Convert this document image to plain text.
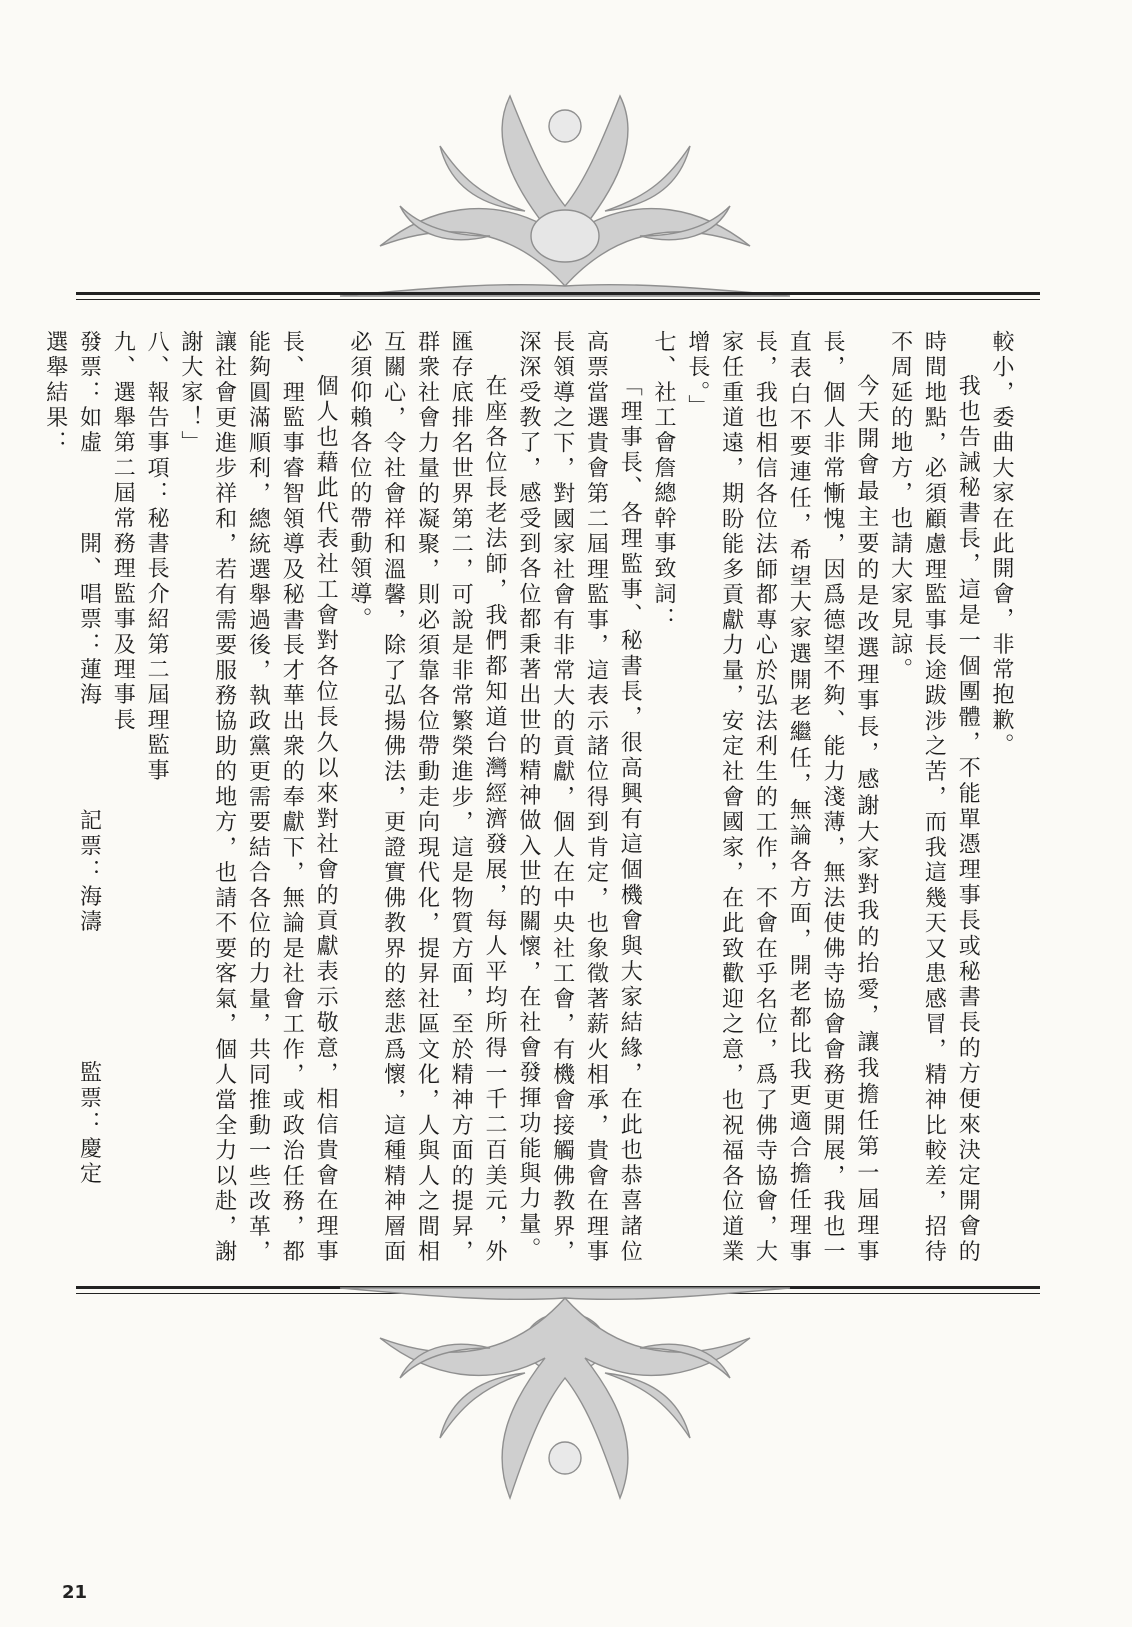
較小，委曲大家在此開會，非常抱歉。

我也告誡秘書長，這是一個團體，不能單憑理事長或秘書長的方便來決定開會的時間地點，必須顧慮理監事長途跋涉之苦，而我這幾天又患感冒，精神比較差，招待不周延的地方，也請大家見諒。

今天開會最主要的是改選理事長，感謝大家對我的抬愛，讓我擔任第一屆理事長，個人非常慚愧，因爲德望不夠、能力淺薄，無法使佛寺協會會務更開展，我也一直表白不要連任，希望大家選開老繼任，無論各方面，開老都比我更適合擔任理事長，我也相信各位法師都專心於弘法利生的工作，不會在乎名位，爲了佛寺協會，大家任重道遠，期盼能多貢獻力量，安定社會國家，在此致歡迎之意，也祝福各位道業增長。」

七、社工會詹總幹事致詞：

「理事長、各理監事、秘書長，很高興有這個機會與大家結緣，在此也恭喜諸位高票當選貴會第二屆理監事，這表示諸位得到肯定，也象徵著薪火相承，貴會在理事長領導之下，對國家社會有非常大的貢獻，個人在中央社工會，有機會接觸佛教界，深深受教了，感受到各位都秉著出世的精神做入世的關懷，在社會發揮功能與力量。

在座各位長老法師，我們都知道台灣經濟發展，每人平均所得一千二百美元，外匯存底排名世界第二，可說是非常繁榮進步，這是物質方面，至於精神方面的提昇，群衆社會力量的凝聚，則必須靠各位帶動走向現代化，提昇社區文化，人與人之間相互關心，令社會祥和溫馨，除了弘揚佛法，更證實佛教界的慈悲爲懷，這種精神層面必須仰賴各位的帶動領導。

個人也藉此代表社工會對各位長久以來對社會的貢獻表示敬意，相信貴會在理事長、理監事睿智領導及秘書長才華出衆的奉獻下，無論是社會工作，或政治任務，都能夠圓滿順利，總統選舉過後，執政黨更需要結合各位的力量，共同推動一些改革，讓社會更進步祥和，若有需要服務協助的地方，也請不要客氣，個人當全力以赴，謝謝大家！」

八、報告事項：秘書長介紹第二屆理監事

九、選舉第二屆常務理監事及理事長

發票：如虛　　　開、唱票：蓮海　　　　記票：海濤　　　　　監票：慶定

選舉結果：

21
